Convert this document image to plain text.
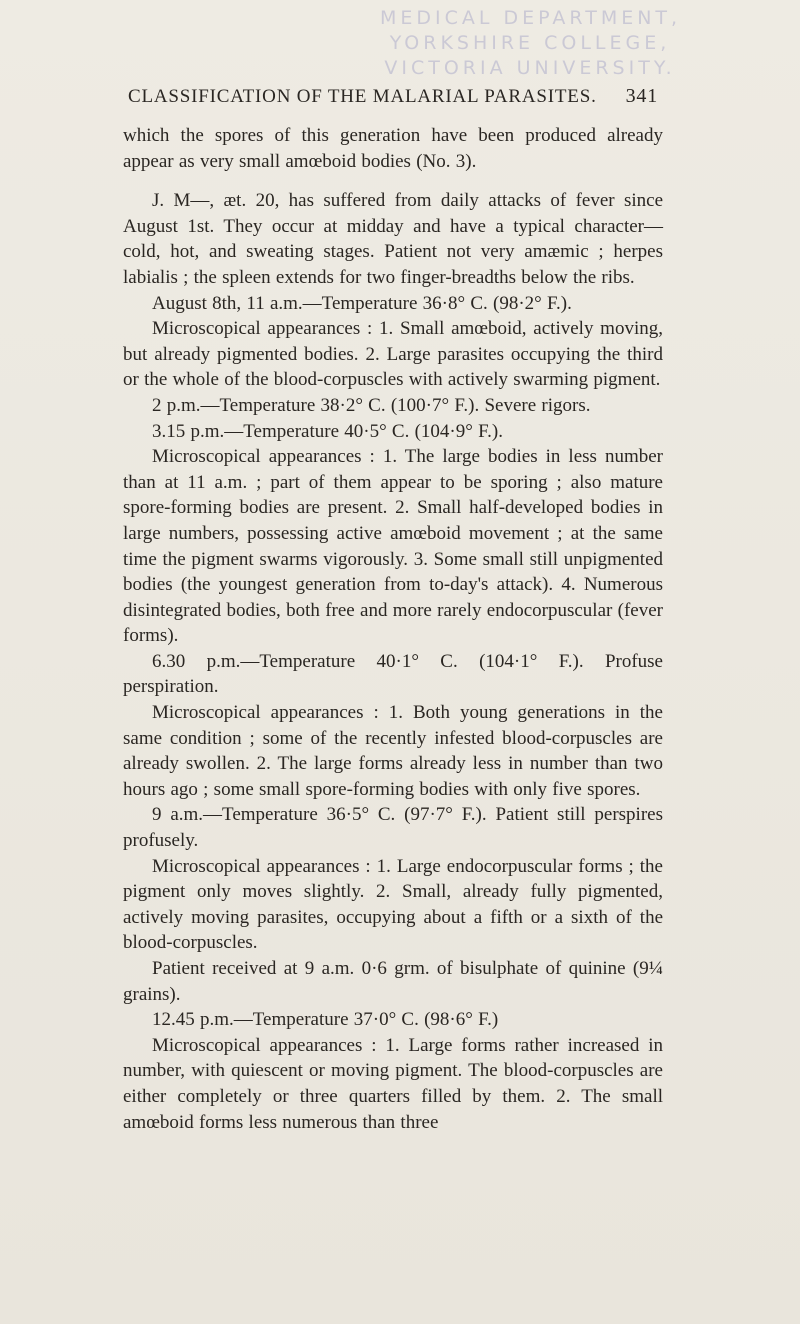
MEDICAL DEPARTMENT,
YORKSHIRE COLLEGE,
VICTORIA UNIVERSITY.
CLASSIFICATION OF THE MALARIAL PARASITES. 341

which the spores of this generation have been produced already appear as very small amœboid bodies (No. 3).

J. M—, æt. 20, has suffered from daily attacks of fever since August 1st. They occur at midday and have a typical character— cold, hot, and sweating stages. Patient not very amæmic ; herpes labialis ; the spleen extends for two finger-breadths below the ribs.

August 8th, 11 a.m.—Temperature 36·8° C. (98·2° F.).

Microscopical appearances : 1. Small amœboid, actively moving, but already pigmented bodies. 2. Large parasites occupying the third or the whole of the blood-corpuscles with actively swarming pigment.

2 p.m.—Temperature 38·2° C. (100·7° F.). Severe rigors.

3.15 p.m.—Temperature 40·5° C. (104·9° F.).

Microscopical appearances : 1. The large bodies in less number than at 11 a.m. ; part of them appear to be sporing ; also mature spore-forming bodies are present. 2. Small half-developed bodies in large numbers, possessing active amœboid movement ; at the same time the pigment swarms vigorously. 3. Some small still unpigmented bodies (the youngest generation from to-day's attack). 4. Numerous disintegrated bodies, both free and more rarely endocorpuscular (fever forms).

6.30 p.m.—Temperature 40·1° C. (104·1° F.). Profuse perspiration.

Microscopical appearances : 1. Both young generations in the same condition ; some of the recently infested blood-corpuscles are already swollen. 2. The large forms already less in number than two hours ago ; some small spore-forming bodies with only five spores.

9 a.m.—Temperature 36·5° C. (97·7° F.). Patient still perspires profusely.

Microscopical appearances : 1. Large endocorpuscular forms ; the pigment only moves slightly. 2. Small, already fully pigmented, actively moving parasites, occupying about a fifth or a sixth of the blood-corpuscles.

Patient received at 9 a.m. 0·6 grm. of bisulphate of quinine (9¼ grains).

12.45 p.m.—Temperature 37·0° C. (98·6° F.)

Microscopical appearances : 1. Large forms rather increased in number, with quiescent or moving pigment. The blood-corpuscles are either completely or three quarters filled by them. 2. The small amœboid forms less numerous than three
